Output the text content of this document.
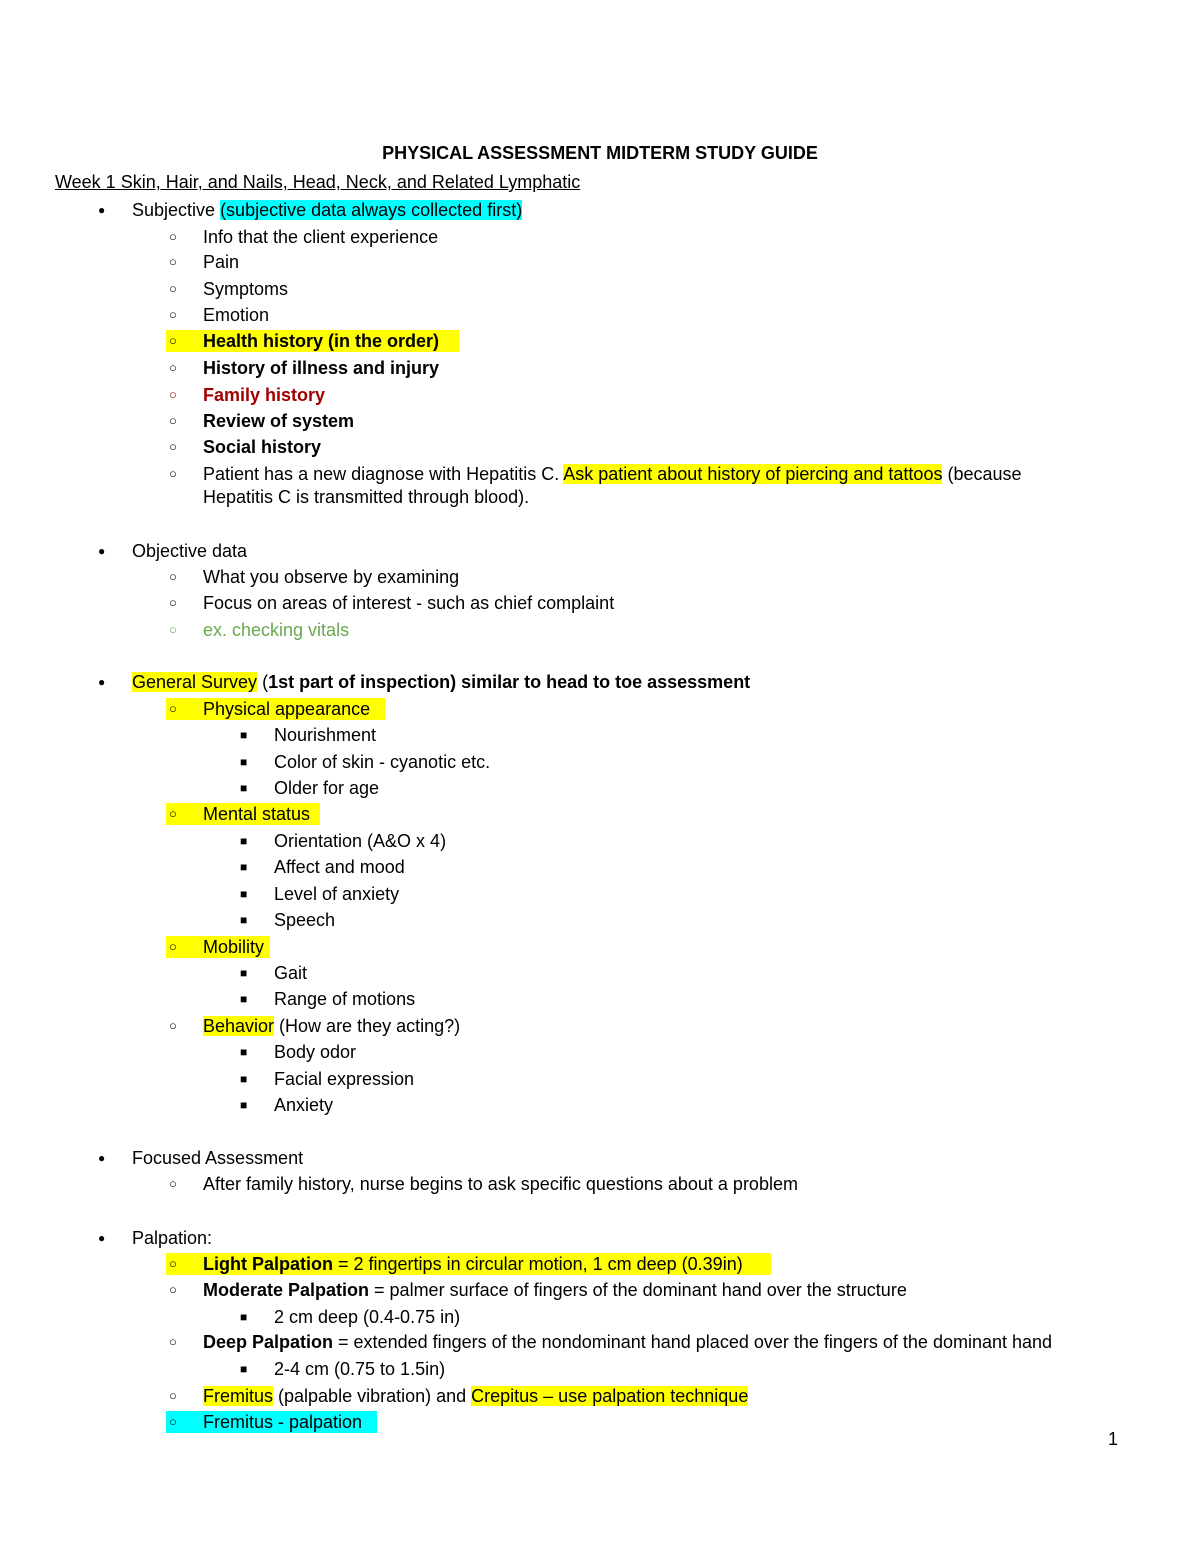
PHYSICAL ASSESSMENT MIDTERM STUDY GUIDE
Week 1 Skin, Hair, and Nails, Head, Neck, and Related Lymphatic
● Subjective (subjective data always collected first)
○ Info that the client experience
○ Pain
○ Symptoms
○ Emotion
○ Health history (in the order)
○ History of illness and injury
○ Family history
○ Review of system
○ Social history
○ Patient has a new diagnose with Hepatitis C. Ask patient about history of piercing and tattoos (because
Hepatitis C is transmitted through blood).
● Objective data
○ What you observe by examining
○ Focus on areas of interest - such as chief complaint
○ ex. checking vitals
● General Survey (1st part of inspection) similar to head to toe assessment
○ Physical appearance
■ Nourishment
■ Color of skin - cyanotic etc.
■ Older for age
○ Mental status
■ Orientation (A&O x 4)
■ Affect and mood
■ Level of anxiety
■ Speech
○ Mobility
■ Gait
■ Range of motions
○ Behavior (How are they acting?)
■ Body odor
■ Facial expression
■ Anxiety
● Focused Assessment
○ After family history, nurse begins to ask specific questions about a problem
● Palpation:
○ Light Palpation = 2 fingertips in circular motion, 1 cm deep (0.39in)
○ Moderate Palpation = palmer surface of fingers of the dominant hand over the structure
■ 2 cm deep (0.4-0.75 in)
○ Deep Palpation = extended fingers of the nondominant hand placed over the fingers of the dominant hand
■ 2-4 cm (0.75 to 1.5in)
○ Fremitus (palpable vibration) and Crepitus – use palpation technique
○ Fremitus - palpation
1
